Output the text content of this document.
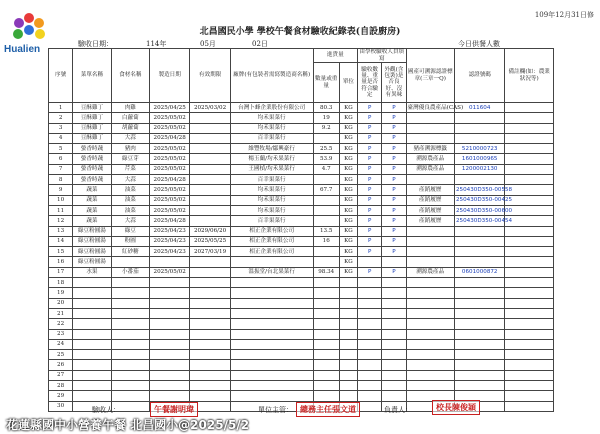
Hualien
109年12月31日修
北昌國民小學 學校午餐食材驗收紀錄表(自設廚房)
驗收日期：	114年	05月	02日	今日供餐人數
序號	菜單名稱	食材名稱	製造日期	有效期限	廠牌(有包裝者需寫製造商名稱)	進貨量		由學校驗收人員填寫		國產可溯源認證標章(三章一Q)	認證號碼	備註欄(如：農業狀況等)
						數量或重量	單位	驗收數量、重量是否符合驗定	外觀(含包裝)是否良好、沒有異味			
1	豆酥雞丁	肉雞	2025/04/25	2025/03/02	台灣卜蜂企業股份有限公司	80.3	KG	P	P	臺灣優良農產品(CAS)	011604	
2	豆酥雞丁	白蘿蔔	2025/05/02		均禾果菜行	19	KG	P	P			
3	豆酥雞丁	胡蘿蔔	2025/05/02		均禾果菜行	9.2	KG	P	P			
4	豆酥雞丁	大蒜	2025/04/28		百幸果菜行		KG	P	P			
5	螢香時蔬	豬肉	2025/05/02		維豐牧場/鄒興豪行	25.5	KG	P	P	豬產溯源標籤	5210000723	
6	螢香時蔬	綠豆芽	2025/05/02		楊玉蘭/均禾果菜行	53.9	KG	P	P	溯源農產品	1601000965	
7	螢香時蔬	芹菜	2025/05/02		王國楨/均禾果菜行	4.7	KG	P	P	溯源農產品	1200002130	
8	螢香時蔬	大蒜	2025/04/28		百幸果菜行		KG	P	P			
9	蔬菜	油菜	2025/05/02		均禾果菜行	67.7	KG	P	P	產銷履歷	250430D350-00558	
10	蔬菜	油菜	2025/05/02		均禾果菜行		KG	P	P	產銷履歷	250430D350-00425	
11	蔬菜	油菜	2025/05/02		均禾果菜行		KG	P	P	產銷履歷	250430D350-00600	
12	蔬菜	大蒜	2025/04/28		百幸果菜行		KG	P	P	產銷履歷	250430D350-00454	
13	綠豆粉圓湯	綠豆	2025/04/23	2029/06/20	相正企業有限公司	13.5	KG	P	P			
14	綠豆粉圓湯	粉圓	2025/04/23	2025/05/25	相正企業有限公司	16	KG	P	P			
15	綠豆粉圓湯	紅砂糖	2025/04/23	2027/03/19	相正企業有限公司		KG	P	P			
16	綠豆粉圓湯						KG					
17	水果	小番茄	2025/05/02		溫振堂/台北果菜行	98.34	KG	P	P	溯源農產品	0601000872	
18												
19												
20												
21												
22												
23												
24												
25												
26												
27												
28												
29												
30													驗收人：	午餐謝明瑋	單位主管： 總務主任張文道	負責人：	校長陳俊穎
花蓮縣國中小營養午餐 北昌國小@2025/5/2
